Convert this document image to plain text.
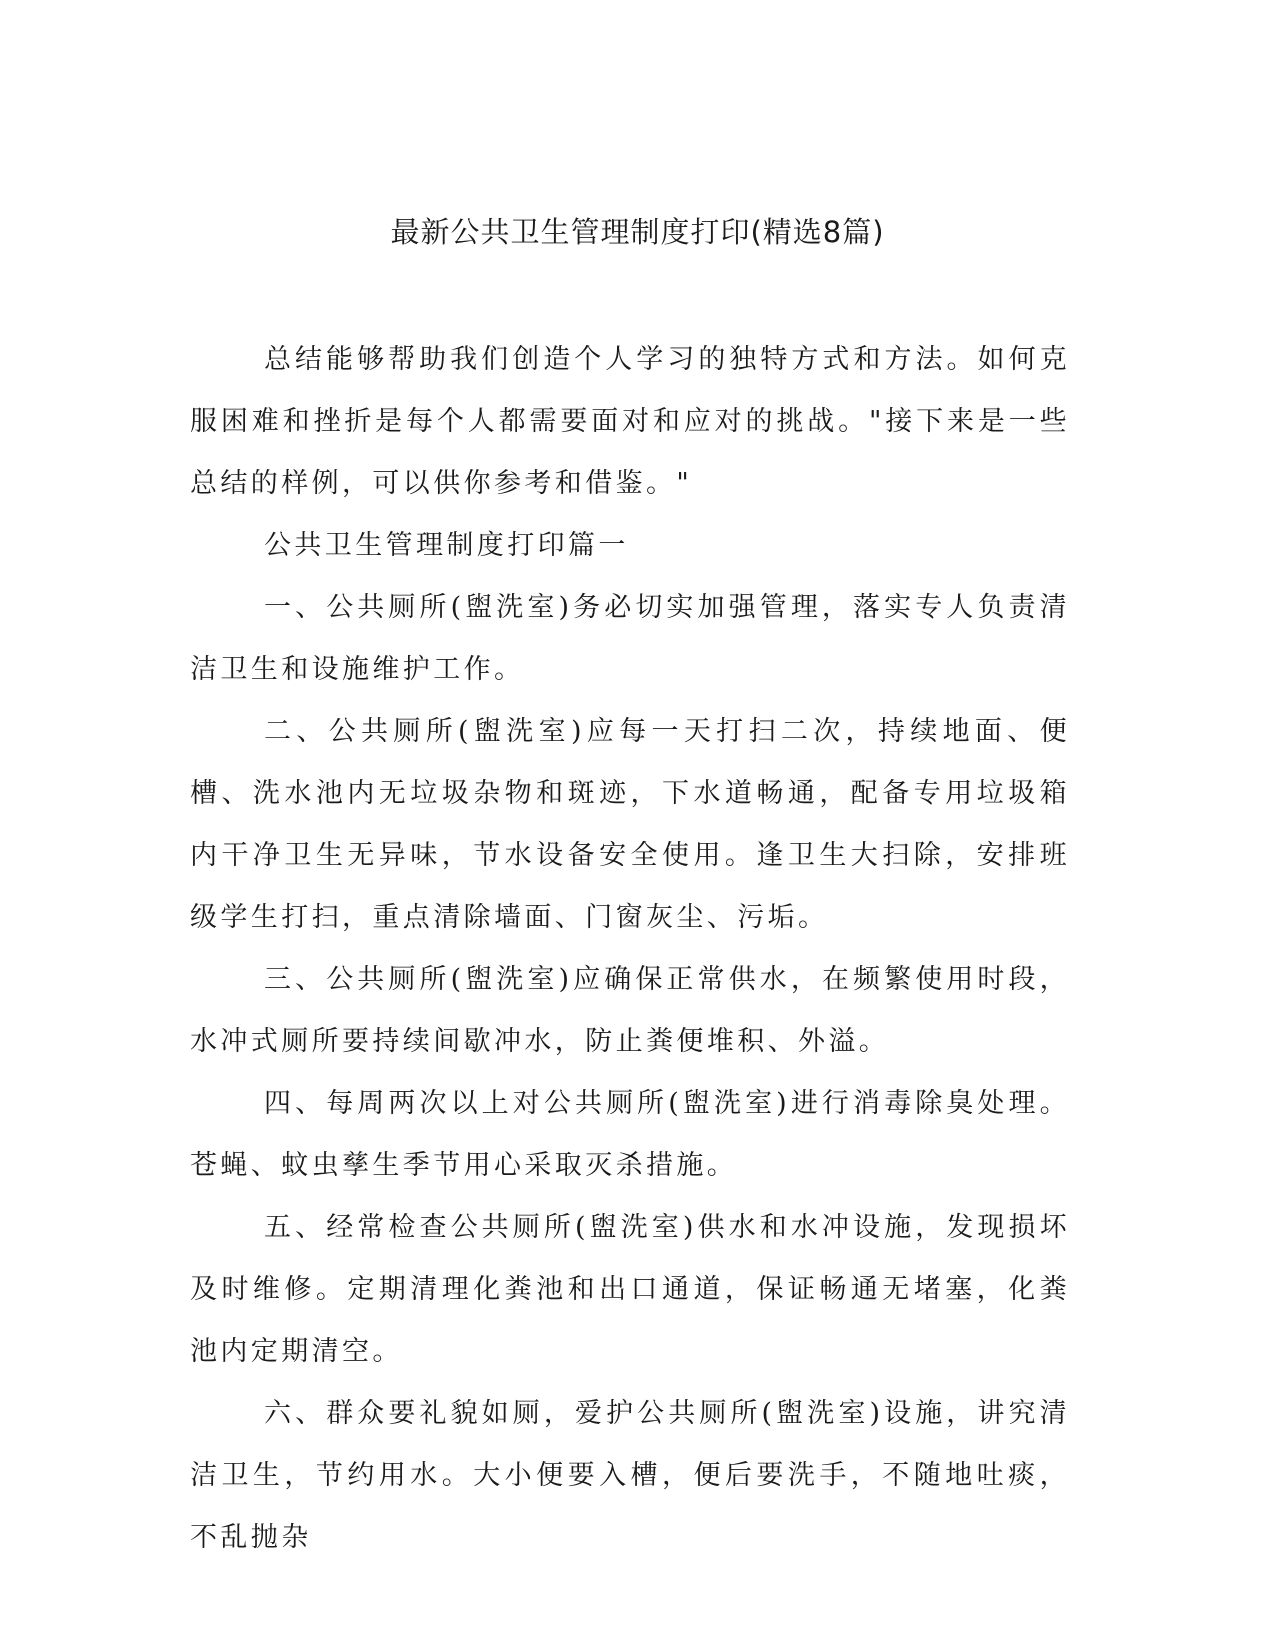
最新公共卫生管理制度打印(精选8篇)

总结能够帮助我们创造个人学习的独特方式和方法。如何克服困难和挫折是每个人都需要面对和应对的挑战。"接下来是一些总结的样例，可以供你参考和借鉴。"

公共卫生管理制度打印篇一

一、公共厕所(盥洗室)务必切实加强管理，落实专人负责清洁卫生和设施维护工作。

二、公共厕所(盥洗室)应每一天打扫二次，持续地面、便槽、洗水池内无垃圾杂物和斑迹，下水道畅通，配备专用垃圾箱内干净卫生无异味，节水设备安全使用。逢卫生大扫除，安排班级学生打扫，重点清除墙面、门窗灰尘、污垢。

三、公共厕所(盥洗室)应确保正常供水，在频繁使用时段，水冲式厕所要持续间歇冲水，防止粪便堆积、外溢。

四、每周两次以上对公共厕所(盥洗室)进行消毒除臭处理。苍蝇、蚊虫孳生季节用心采取灭杀措施。

五、经常检查公共厕所(盥洗室)供水和水冲设施，发现损坏及时维修。定期清理化粪池和出口通道，保证畅通无堵塞，化粪池内定期清空。

六、群众要礼貌如厕，爱护公共厕所(盥洗室)设施，讲究清洁卫生，节约用水。大小便要入槽，便后要洗手，不随地吐痰，不乱抛杂
